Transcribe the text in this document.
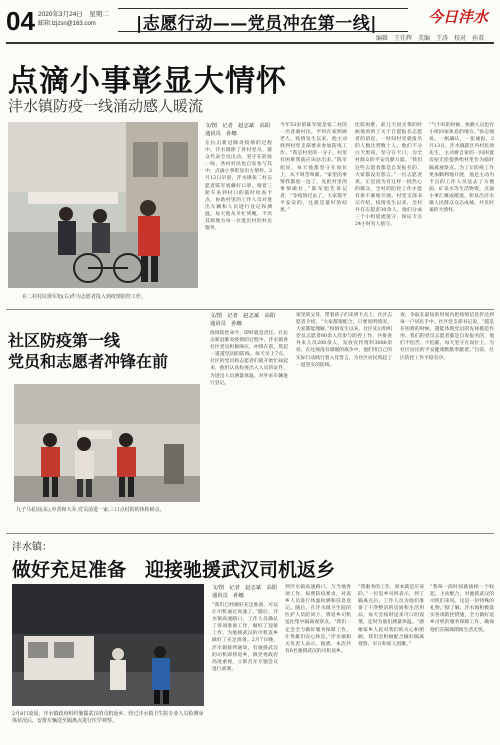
04 2020年3月24日　星期二
邮箱:lzjzsn@163.com |志愿行动——党员冲在第一线|	今日沣水
编辑　王佳辉　美编　王涛　校对　孙双
点滴小事彰显大情怀
沣水镇防疫一线涌动感人暖流
在二村村民徐军旭(右)作为志愿者投入到疫情防控工作。
文/图　记者　赵志斌　高阳
通讯员　孙娜
在抗击新冠肺炎疫情的过程中，沣水镇除了各村党员、群众代表全员出动，坚守在防疫一线，各村村民也自发参与其中，点滴小事彰显出大情怀。2月12日早晨，沣水镇张二村志愿者陈军旭戴好口罩，骑着三轮车来到村口的临时检查卡点，协助村里的工作人员对进出车辆和人员进行登记和测温。每天他从早忙到晚，不厌其烦地为每一位进出村的村民服务。
今年53岁的陈军旭是张二村的一名普通村民，平时在家照顾老人。疫情发生以来，他主动找到村党支部要求参加防疫工作。“我是村里的一分子，村里有困难我就应该站出来。”陈军旭说，每天他都坚守在岗位上，从不叫苦叫累。“家里的事情我都放一边了，先把村里的事情做好，”陈军旭告诉记者，“等疫情过去了，大家都平平安安的，这就是最好的结果。”
比较困难。前几天因买菜的时候他看到了关于自愿报名志愿者的消息，一时间村里就报名的人数达到数十人。他们不分白天黑夜，坚守在卡口，为全村群众的平安贡献力量。“我们这些志愿者都是自发报名的，大家都没有怨言。”一位志愿者说。正是因为有这样一批热心的群众，全村的防控工作才能有条不紊地开展。村党支部书记介绍，疫情发生以来，全村共有志愿者30余人，他们分成三个小组轮流值守，保证卡点24小时有人值守。
“气不好的时候，执勤人员也有小组回家休息的地方。”孙志强说。一纸确认，一张通报，2月13日，沣水镇辖区内村民徐先生，主动将自家的一间闲置房屋无偿提供给村里作为临时隔离观察点。为了让防疫工作更加顺利地开展，他还主动为卡点的工作人员送去了方便面、矿泉水等生活物资。点滴小事汇聚成暖流，彰显出沣水镇人民群众众志成城、共克时艰的大情怀。
社区防疫第一线
党员和志愿者冲锋在前
九子马花园(东),中香和大乔,党员前进一家,三口点村的的体检候点。
文/图　记者　赵志斌　高阳
通讯员　孙娜
疫情防控命令，即时就是责任。在抗击新冠肺炎疫情的过程中，沣水镇各社区党员积极响应，冲锋在前，筑起一道道坚固的防线。每天早上7点，社区的党员和志愿者们就开始忙碌起来，他们认真检查出入人员的证件，为进出人员测量体温，对外来车辆进行登记。
家里的父母，带着孩子们来到卡点上。社区志愿者介绍，“大家都很配合，只要说明情况，大家都能理解。”疫情发生以来，社区先后组织党员志愿者80余人次参与防控工作，共排查外来人员200余人，发放宣传资料3000余份。在这场没有硝烟的战争中，他们用自己的实际行动践行着入党誓言，为社区居民筑起了一道坚实的防线。
查，争取在最短的时间内把疫情信息传达到每一户居民手中。社区党支部书记说，“越是在困难的时候，越能体现党员的先锋模范作用。我们的党员志愿者都是自发报名的，他们不怕苦、不怕累，每天坚守在岗位上，为社区居民的平安健康默默奉献着。”目前，社区防控工作平稳有序。
沣水镇：
做好充足准备　迎接驰援武汉司机返乡
2月8日凌晨，沣水镇政府组织驰援武汉的司机返乡，经过沣水镇卫生院专业人员检测身体状况后，安排车辆送至隔离点进行医学观察。
文/图　记者　赵志斌　高阳
通讯员　孙娜
“我们已经做好充足准备，可以让司机通过高速了。”随后，沣水镇高速路口，工作人员确认了各项准备工作，做好了迎接工作，为驰援武汉的司机返乡做好了充足准备。2月7日晚，沣水镇接到通知，有驰援武汉的司机即将返乡，镇党委政府高度重视，立即召开专题会议进行部署。
到沣水镇高速路口，与当地各项工作，按照防疫要求，对返乡人员进行体温检测和信息登记。随后，在沣水镇卫生院的医护人员陪同下，将返乡司机送往集中隔离观察点。“我们一定会全力做好服务保障工作，让英雄们安心休息。”沣水镇相关负责人表示。据悉，本次共有6名驰援武汉的司机返乡。
“我服务的工作，原本就是应该的。”一位返乡司机表示，到了隔离点后，工作人员为他们准备了干净整洁的房间和生活用品，每天会按时送来可口的饭菜，定时为他们测量体温。“感谢家乡人民对我们的关心和照顾，我们会积极配合做好隔离观察，早日和家人团聚。”
“我叫一段时间就拔掉一个收起，主动配合，对驰援武汉的司机们来说，这是一份特殊的礼物。”据了解，沣水镇积极落实各项防控措施，全力做好返乡司机的服务保障工作，确保他们在隔离期间生活无忧。
